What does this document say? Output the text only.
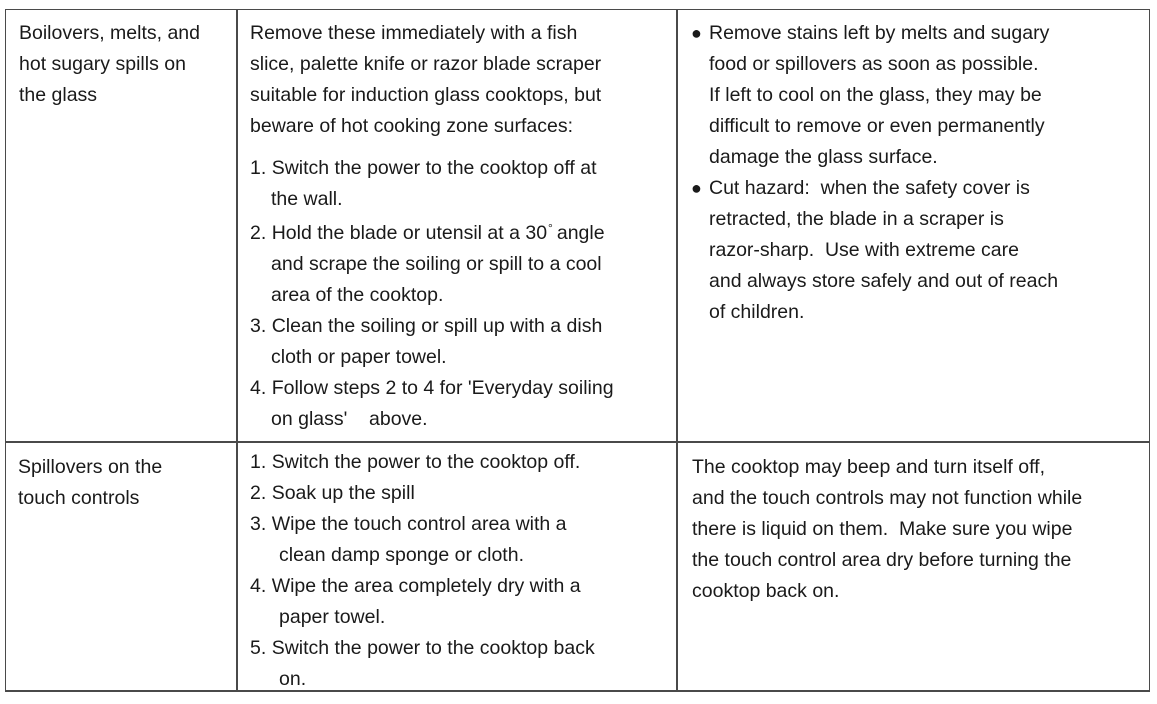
Boilovers, melts, and

hot sugary spills on

the glass

Remove these immediately with a fish

slice, palette knife or razor blade scraper

suitable for induction glass cooktops, but

beware of hot cooking zone surfaces:

1. Switch the power to the cooktop off at
the wall.
2. Hold the blade or utensil at a 30° angle
and scrape the soiling or spill to a cool
area of the cooktop.
3. Clean the soiling or spill up with a dish
cloth or paper towel.
4. Follow steps 2 to 4 for 'Everyday soiling
on glass'    above.
● Remove stains left by melts and sugary
food or spillovers as soon as possible.
If left to cool on the glass, they may be
difficult to remove or even permanently
damage the glass surface.
● Cut hazard:  when the safety cover is
retracted, the blade in a scraper is
razor-sharp.  Use with extreme care
and always store safely and out of reach
of children.

Spillovers on the

touch controls

1. Switch the power to the cooktop off.
2. Soak up the spill
3. Wipe the touch control area with a
clean damp sponge or cloth.
4. Wipe the area completely dry with a
paper towel.
5. Switch the power to the cooktop back
on.

The cooktop may beep and turn itself off,

and the touch controls may not function while

there is liquid on them.  Make sure you wipe

the touch control area dry before turning the

cooktop back on.
